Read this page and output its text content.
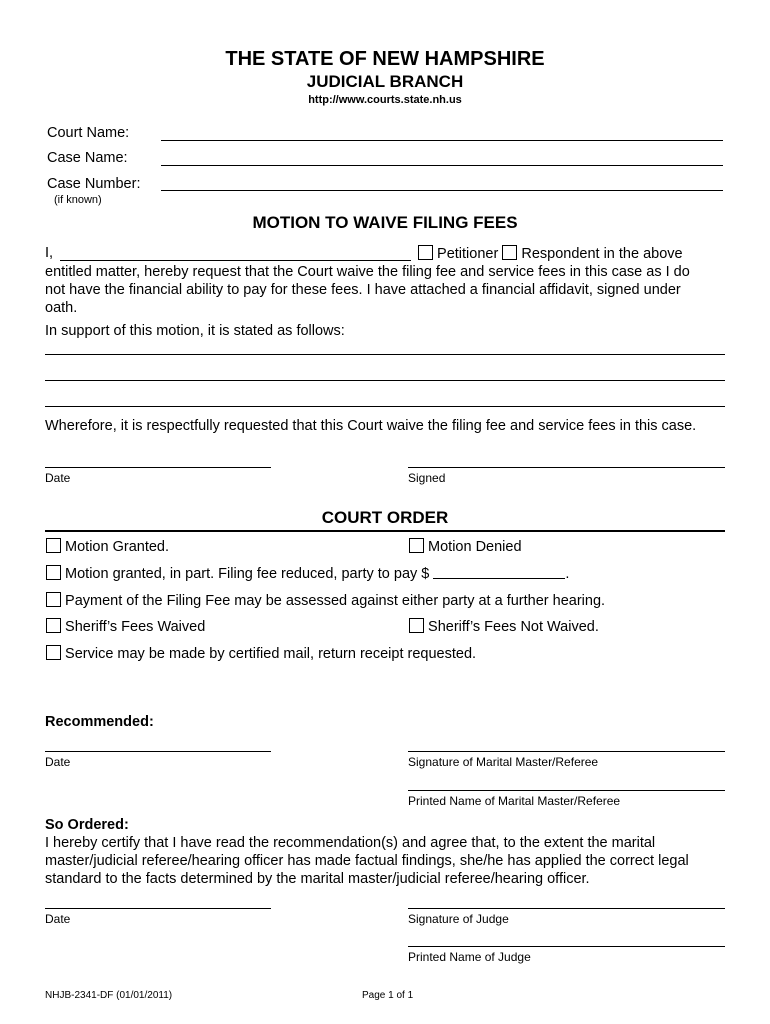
THE STATE OF NEW HAMPSHIRE
JUDICIAL BRANCH
http://www.courts.state.nh.us
Court Name:
Case Name:
Case Number:
(if known)
MOTION TO WAIVE FILING FEES
I,	Petitioner Respondent in the above
entitled matter, hereby request that the Court waive the filing fee and service fees in this case as I do
not have the financial ability to pay for these fees. I have attached a financial affidavit, signed under
oath.
In support of this motion, it is stated as follows:
Wherefore, it is respectfully requested that this Court waive the filing fee and service fees in this case.
Date	Signed
COURT ORDER
Motion Granted.	Motion Denied
Motion granted, in part. Filing fee reduced, party to pay $	.
Payment of the Filing Fee may be assessed against either party at a further hearing.
Sheriff’s Fees Waived	Sheriff’s Fees Not Waived.
Service may be made by certified mail, return receipt requested.
Recommended:
Date	Signature of Marital Master/Referee
Printed Name of Marital Master/Referee
So Ordered:
I hereby certify that I have read the recommendation(s) and agree that, to the extent the marital
master/judicial referee/hearing officer has made factual findings, she/he has applied the correct legal
standard to the facts determined by the marital master/judicial referee/hearing officer.
Date	Signature of Judge
Printed Name of Judge
NHJB-2341-DF (01/01/2011)	Page 1 of 1
